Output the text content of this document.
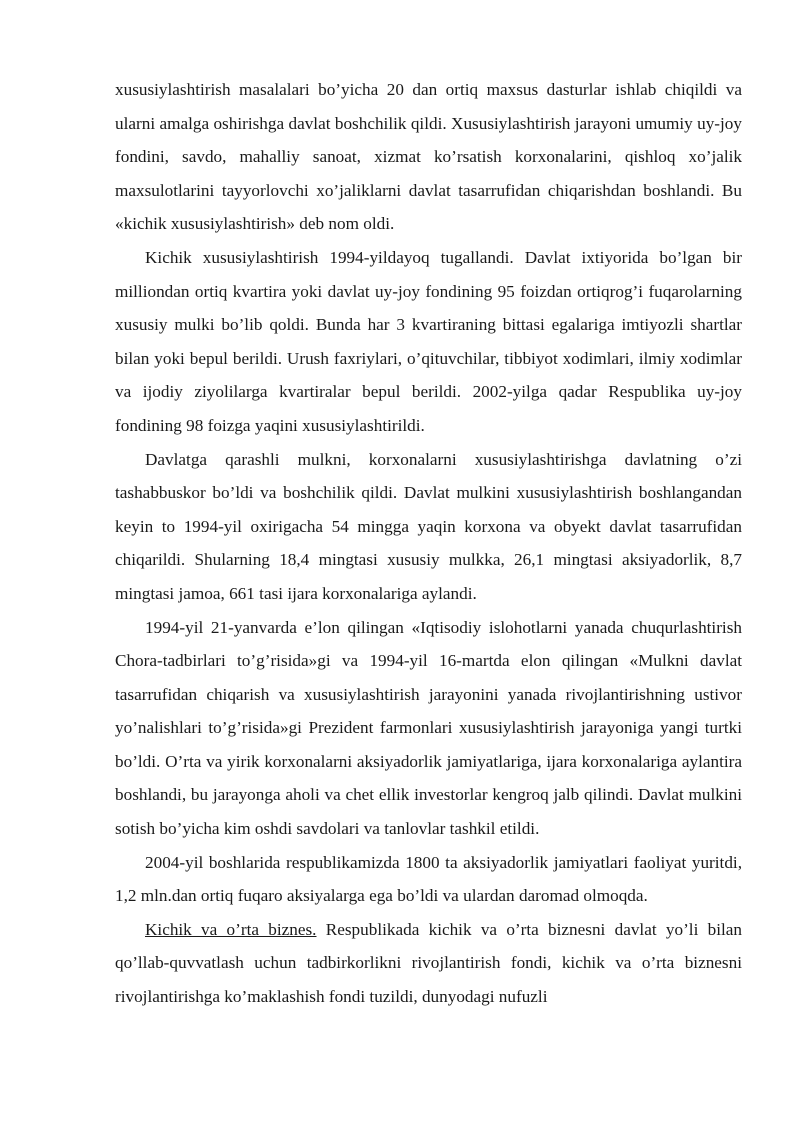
xususiylashtirish masalalari bo’yicha 20 dan ortiq maxsus dasturlar ishlab chiqildi va ularni amalga oshirishga davlat boshchilik qildi. Xususiylashtirish jarayoni umumiy uy-joy fondini, savdo, mahalliy sanoat, xizmat ko’rsatish korxonalarini, qishloq xo’jalik maxsulotlarini tayyorlovchi xo’jaliklarni davlat tasarrufidan chiqarishdan boshlandi. Bu «kichik xususiylashtirish» deb nom oldi.

Kichik xususiylashtirish 1994-yildayoq tugallandi. Davlat ixtiyorida bo’lgan bir milliondan ortiq kvartira yoki davlat uy-joy fondining 95 foizdan ortiqrog’i fuqarolarning xususiy mulki bo’lib qoldi. Bunda har 3 kvartiraning bittasi egalariga imtiyozli shartlar bilan yoki bepul berildi. Urush faxriylari, o’qituvchilar, tibbiyot xodimlari, ilmiy xodimlar va ijodiy ziyolilarga kvartiralar bepul berildi. 2002-yilga qadar Respublika uy-joy fondining 98 foizga yaqini xususiylashtirildi.

Davlatga qarashli mulkni, korxonalarni xususiylashtirishga davlatning o’zi tashabbuskor bo’ldi va boshchilik qildi. Davlat mulkini xususiylashtirish boshlangandan keyin to 1994-yil oxirigacha 54 mingga yaqin korxona va obyekt davlat tasarrufidan chiqarildi. Shularning 18,4 mingtasi xususiy mulkka, 26,1 mingtasi aksiyadorlik, 8,7 mingtasi jamoa, 661 tasi ijara korxonalariga aylandi.

1994-yil 21-yanvarda e’lon qilingan «Iqtisodiy islohotlarni yanada chuqurlashtirish Chora-tadbirlari to’g’risida»gi va 1994-yil 16-martda elon qilingan «Mulkni davlat tasarrufidan chiqarish va xususiylashtirish jarayonini yanada rivojlantirishning ustivor yo’nalishlari to’g’risida»gi Prezident farmonlari xususiylashtirish jarayoniga yangi turtki bo’ldi. O’rta va yirik korxonalarni aksiyadorlik jamiyatlariga, ijara korxonalariga aylantira boshlandi, bu jarayonga aholi va chet ellik investorlar kengroq jalb qilindi. Davlat mulkini sotish bo’yicha kim oshdi savdolari va tanlovlar tashkil etildi.

2004-yil boshlarida respublikamizda 1800 ta aksiyadorlik jamiyatlari faoliyat yuritdi, 1,2 mln.dan ortiq fuqaro aksiyalarga ega bo’ldi va ulardan daromad olmoqda.

Kichik va o’rta biznes. Respublikada kichik va o’rta biznesni davlat yo’li bilan qo’llab-quvvatlash uchun tadbirkorlikni rivojlantirish fondi, kichik va o’rta biznesni rivojlantirishga ko’maklashish fondi tuzildi, dunyodagi nufuzli
